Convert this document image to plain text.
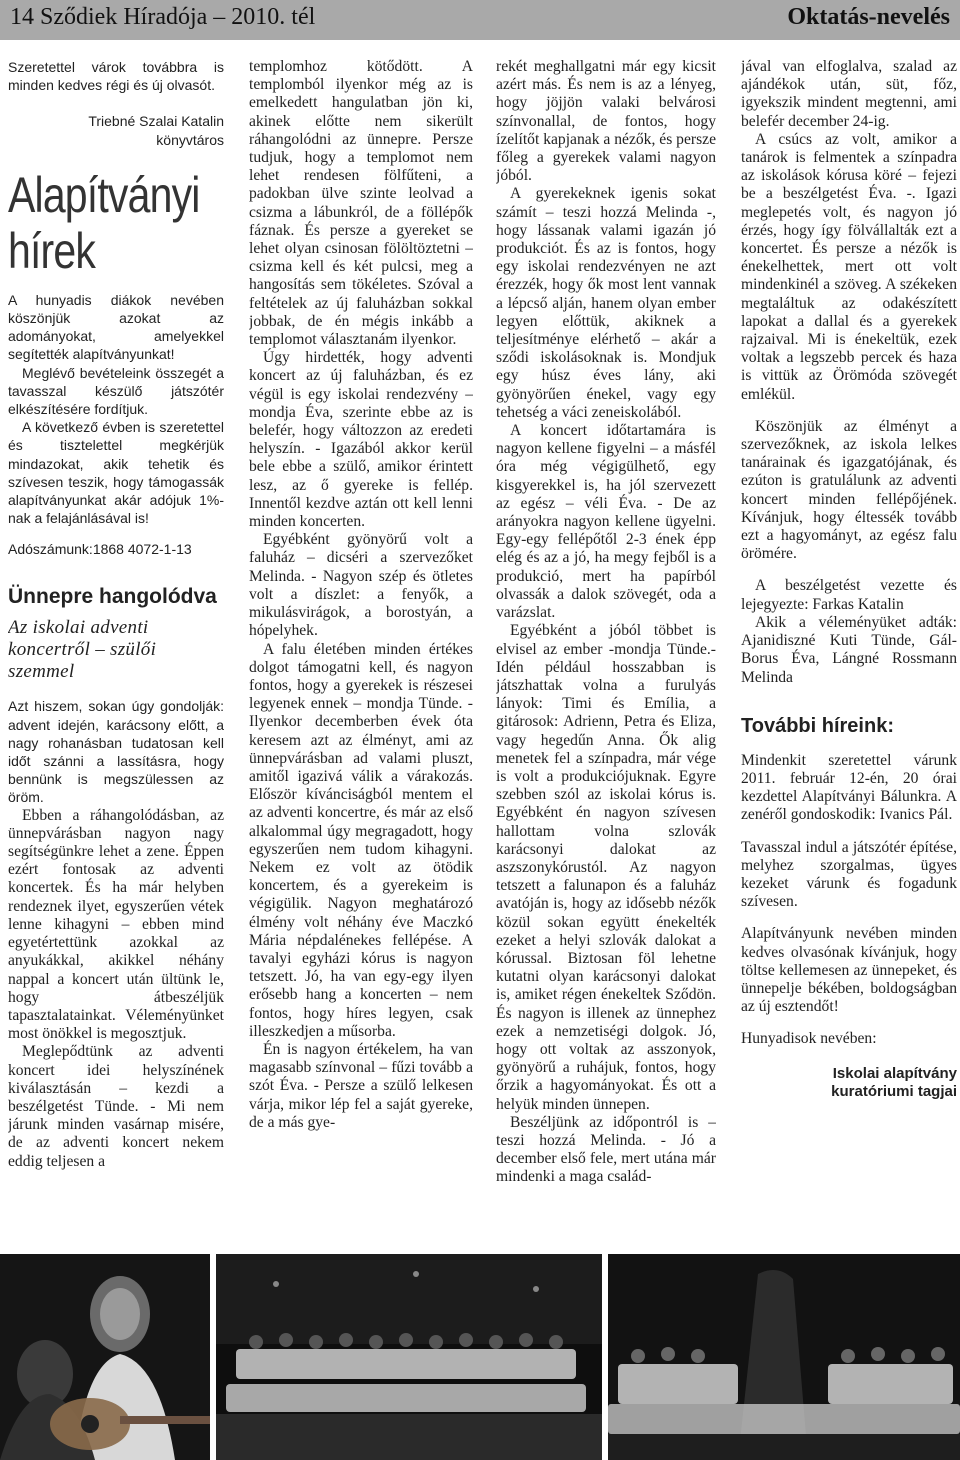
14 Sződiek Híradója – 2010. tél	Oktatás-nevelés

Szeretettel várok továbbra is minden kedves régi és új olvasót.

Triebné Szalai Katalin
könyvtáros
Alapítványi hírek

A hunyadis diákok nevében köszönjük azokat az adományokat, amelyekkel segítették alapítványunkat!

Meglévő bevételeink összegét a tavasszal készülő játszótér elkészítésére fordítjuk.

A következő évben is szeretettel és tisztelettel megkérjük mindazokat, akik tehetik és szívesen teszik, hogy támogassák alapítványunkat akár adójuk 1%-nak a felajánlásával is!

Adószámunk:1868 4072-1-13
Ünnepre hangolódva
Az iskolai adventi koncertről – szülői szemmel

Azt hiszem, sokan úgy gondolják: advent idején, karácsony előtt, a nagy rohanásban tudatosan kell időt szánni a lassításra, hogy bennünk is megszülessen az öröm.

Ebben a ráhangolódásban, az ünnepvárásban nagyon nagy segítségünkre lehet a zene. Éppen ezért fontosak az adventi koncertek. És ha már helyben rendeznek ilyet, egyszerűen vétek lenne kihagyni – ebben mind egyetértettünk azokkal az anyukákkal, akikkel néhány nappal a koncert után ültünk le, hogy átbeszéljük tapasztalatainkat. Véleményünket most önökkel is megosztjuk.

Meglepődtünk az adventi koncert idei helyszínének kiválasztásán – kezdi a beszélgetést Tünde. - Mi nem járunk minden vasárnap misére, de az adventi koncert nekem eddig teljesen a

templomhoz kötődött. A templomból ilyenkor még az is emelkedett hangulatban jön ki, akinek előtte nem sikerült ráhangolódni az ünnepre. Persze tudjuk, hogy a templomot nem lehet rendesen fölfűteni, a padokban ülve szinte leolvad a csizma a lábunkról, de a föllépők fáznak. És persze a gyereket se lehet olyan csinosan fölöltöztetni – csizma kell és két pulcsi, meg a hangosítás sem tökéletes. Szóval a feltételek az új faluházban sokkal jobbak, de én mégis inkább a templomot választanám ilyenkor.

Úgy hirdették, hogy adventi koncert az új faluházban, és ez végül is egy iskolai rendezvény – mondja Éva, szerinte ebbe az is belefér, hogy változzon az eredeti helyszín. - Igazából akkor kerül bele ebbe a szülő, amikor érintett lesz, az ő gyereke is fellép. Innentől kezdve aztán ott kell lenni minden koncerten.

Egyébként gyönyörű volt a faluház – dicséri a szervezőket Melinda. - Nagyon szép és ötletes volt a díszlet: a fenyők, a mikulásvirágok, a borostyán, a hópelyhek.

A falu életében minden értékes dolgot támogatni kell, és nagyon fontos, hogy a gyerekek is részesei legyenek ennek – mondja Tünde. - Ilyenkor decemberben évek óta keresem azt az élményt, ami az ünnepvárásban ad valami pluszt, amitől igazivá válik a várakozás. Először kívánciságból mentem el az adventi koncertre, és már az első alkalommal úgy megragadott, hogy egyszerűen nem tudom kihagyni. Nekem ez volt az ötödik koncertem, és a gyerekeim is végigülik. Nagyon meghatározó élmény volt néhány éve Maczkó Mária népdalénekes fellépése. A tavalyi egyházi kórus is nagyon tetszett. Jó, ha van egy-egy ilyen erősebb hang a koncerten – nem fontos, hogy híres legyen, csak illeszkedjen a műsorba.

Én is nagyon értékelem, ha van magasabb színvonal – fűzi tovább a szót Éva. - Persze a szülő lelkesen várja, mikor lép fel a saját gyereke, de a más gye-

rekét meghallgatni már egy kicsit azért más. És nem is az a lényeg, hogy jöjjön valaki belvárosi színvonallal, de fontos, hogy ízelítőt kapjanak a nézők, és persze főleg a gyerekek valami nagyon jóból.

A gyerekeknek igenis sokat számít – teszi hozzá Melinda -, hogy lássanak valami igazán jó produkciót. És az is fontos, hogy egy iskolai rendezvényen ne azt érezzék, hogy ők most lent vannak a lépcső alján, hanem olyan ember legyen előttük, akiknek a teljesítménye elérhető – akár a sződi iskolásoknak is. Mondjuk egy húsz éves lány, aki gyönyörűen énekel, vagy egy tehetség a váci zeneiskolából.

A koncert időtartamára is nagyon kellene figyelni – a másfél óra még végigülhető, egy kisgyerekkel is, ha jól szervezett az egész – véli Éva. - De az arányokra nagyon kellene ügyelni. Egy-egy fellépőtől 2-3 ének épp elég és az a jó, ha megy fejből is a produkció, mert ha papírból olvassák a dalok szövegét, oda a varázslat.

Egyébként a jóból többet is elvisel az ember -mondja Tünde.- Idén például hosszabban is játszhattak volna a furulyás lányok: Timi és Emília, a gitárosok: Adrienn, Petra és Eliza, vagy hegedűn Anna. Ők alig menetek fel a színpadra, már vége is volt a produkciójuknak. Egyre szebben szól az iskolai kórus is. Egyébként én nagyon szívesen hallottam volna szlovák karácsonyi dalokat az aszszonykórustól. Az nagyon tetszett a falunapon és a faluház avatóján is, hogy az idősebb nézők közül sokan együtt énekelték ezeket a helyi szlovák dalokat a kórussal. Biztosan föl lehetne kutatni olyan karácsonyi dalokat is, amiket régen énekeltek Sződön. És nagyon is illenek az ünnephez ezek a nemzetiségi dolgok. Jó, hogy ott voltak az asszonyok, gyönyörű a ruhájuk, fontos, hogy őrzik a hagyományokat. És ott a helyük minden ünnepen.

Beszéljünk az időpontról is – teszi hozzá Melinda. - Jó a december első fele, mert utána már mindenki a maga család-

jával van elfoglalva, szalad az ajándékok után, süt, főz, igyekszik mindent megtenni, ami belefér december 24-ig.

A csúcs az volt, amikor a tanárok is felmentek a színpadra az iskolások kórusa köré – fejezi be a beszélgetést Éva. -. Igazi meglepetés volt, és nagyon jó érzés, hogy így fölvállalták ezt a koncertet. És persze a nézők is énekelhettek, mert ott volt mindenkinél a szöveg. A székeken megtaláltuk az odakészített lapokat a dallal és a gyerekek rajzaival. Mi is énekeltük, ezek voltak a legszebb percek és haza is vittük az Örömóda szövegét emlékül.

Köszönjük az élményt a szervezőknek, az iskola lelkes tanárainak és igazgatójának, és ezúton is gratulálunk az adventi koncert minden fellépőjének. Kívánjuk, hogy éltessék tovább ezt a hagyományt, az egész falu örömére.

A beszélgetést vezette és lejegyezte: Farkas Katalin

Akik a véleményüket adták: Ajanidiszné Kuti Tünde, Gál-Borus Éva, Lángné Rossmann Melinda

További híreink:

Mindenkit szeretettel várunk 2011. február 12-én, 20 órai kezdettel Alapítványi Bálunkra. A zenéről gondoskodik: Ivanics Pál.

Tavasszal indul a játszótér építése, melyhez szorgalmas, ügyes kezeket várunk és fogadunk szívesen.

Alapítványunk nevében minden kedves olvasónak kívánjuk, hogy töltse kellemesen az ünnepeket, és ünnepelje békében, boldogságban az új esztendőt!

Hunyadisok nevében:

Iskolai alapítvány
kuratóriumi tagjai
